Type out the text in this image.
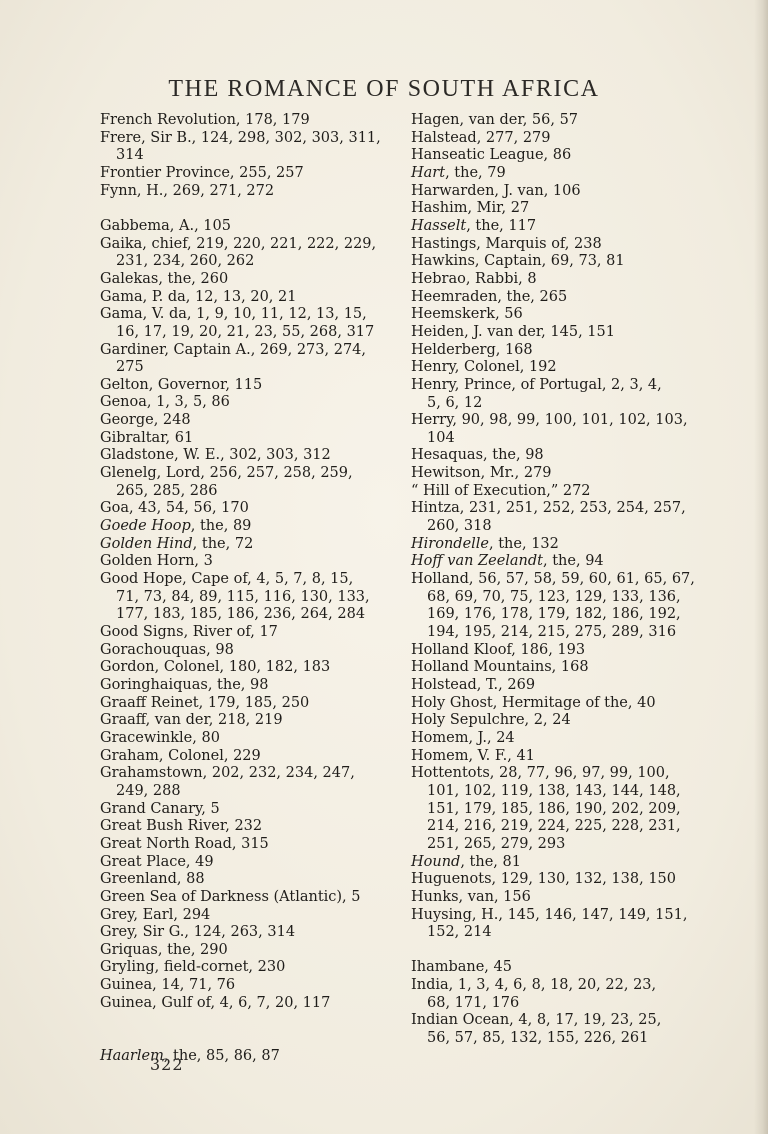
THE ROMANCE OF SOUTH AFRICA
French Revolution, 178, 179
Frere, Sir B., 124, 298, 302, 303, 311,
314
Frontier Province, 255, 257
Fynn, H., 269, 271, 272
Gabbema, A., 105
Gaika, chief, 219, 220, 221, 222, 229,
231, 234, 260, 262
Galekas, the, 260
Gama, P. da, 12, 13, 20, 21
Gama, V. da, 1, 9, 10, 11, 12, 13, 15,
16, 17, 19, 20, 21, 23, 55, 268, 317
Gardiner, Captain A., 269, 273, 274,
275
Gelton, Governor, 115
Genoa, 1, 3, 5, 86
George, 248
Gibraltar, 61
Gladstone, W. E., 302, 303, 312
Glenelg, Lord, 256, 257, 258, 259,
265, 285, 286
Goa, 43, 54, 56, 170
Goede Hoop, the, 89
Golden Hind, the, 72
Golden Horn, 3
Good Hope, Cape of, 4, 5, 7, 8, 15,
71, 73, 84, 89, 115, 116, 130, 133,
177, 183, 185, 186, 236, 264, 284
Good Signs, River of, 17
Gorachouquas, 98
Gordon, Colonel, 180, 182, 183
Goringhaiquas, the, 98
Graaff Reinet, 179, 185, 250
Graaff, van der, 218, 219
Gracewinkle, 80
Graham, Colonel, 229
Grahamstown, 202, 232, 234, 247,
249, 288
Grand Canary, 5
Great Bush River, 232
Great North Road, 315
Great Place, 49
Greenland, 88
Green Sea of Darkness (Atlantic), 5
Grey, Earl, 294
Grey, Sir G., 124, 263, 314
Griquas, the, 290
Gryling, field-cornet, 230
Guinea, 14, 71, 76
Guinea, Gulf of, 4, 6, 7, 20, 117
Haarlem, the, 85, 86, 87
Hagen, van der, 56, 57
Halstead, 277, 279
Hanseatic League, 86
Hart, the, 79
Harwarden, J. van, 106
Hashim, Mir, 27
Hasselt, the, 117
Hastings, Marquis of, 238
Hawkins, Captain, 69, 73, 81
Hebrao, Rabbi, 8
Heemraden, the, 265
Heemskerk, 56
Heiden, J. van der, 145, 151
Helderberg, 168
Henry, Colonel, 192
Henry, Prince, of Portugal, 2, 3, 4,
5, 6, 12
Herry, 90, 98, 99, 100, 101, 102, 103,
104
Hesaquas, the, 98
Hewitson, Mr., 279
“ Hill of Execution,” 272
Hintza, 231, 251, 252, 253, 254, 257,
260, 318
Hirondelle, the, 132
Hoff van Zeelandt, the, 94
Holland, 56, 57, 58, 59, 60, 61, 65, 67,
68, 69, 70, 75, 123, 129, 133, 136,
169, 176, 178, 179, 182, 186, 192,
194, 195, 214, 215, 275, 289, 316
Holland Kloof, 186, 193
Holland Mountains, 168
Holstead, T., 269
Holy Ghost, Hermitage of the, 40
Holy Sepulchre, 2, 24
Homem, J., 24
Homem, V. F., 41
Hottentots, 28, 77, 96, 97, 99, 100,
101, 102, 119, 138, 143, 144, 148,
151, 179, 185, 186, 190, 202, 209,
214, 216, 219, 224, 225, 228, 231,
251, 265, 279, 293
Hound, the, 81
Huguenots, 129, 130, 132, 138, 150
Hunks, van, 156
Huysing, H., 145, 146, 147, 149, 151,
152, 214
Ihambane, 45
India, 1, 3, 4, 6, 8, 18, 20, 22, 23,
68, 171, 176
Indian Ocean, 4, 8, 17, 19, 23, 25,
56, 57, 85, 132, 155, 226, 261
322
